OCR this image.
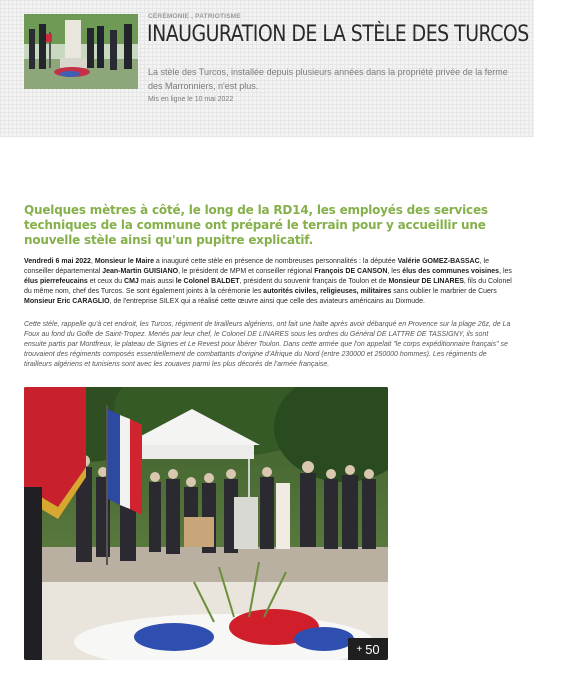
CÉRÉMONIE , PATRIOTISME
INAUGURATION DE LA STÈLE DES TURCOS
La stèle des Turcos, installée depuis plusieurs années dans la propriété privée de la ferme des Marronniers, n'est plus.
Mis en ligne le 10 mai 2022
Quelques mètres à côté, le long de la RD14, les employés des services techniques de la commune ont préparé le terrain pour y accueillir une nouvelle stèle ainsi qu'un pupitre explicatif.
Vendredi 6 mai 2022, Monsieur le Maire a inauguré cette stèle en présence de nombreuses personnalités : la députée Valérie GOMEZ-BASSAC, le conseiller départemental Jean-Martin GUISIANO, le président de MPM et conseiller régional François DE CANSON, les élus des communes voisines, les élus pierrefeucains et ceux du CMJ mais aussi le Colonel BALDET, président du souvenir français de Toulon et de Monsieur DE LINARES, fils du Colonel du même nom, chef des Turcos. Se sont également joints à la cérémonie les autorités civiles, religieuses, militaires sans oublier le marbrier de Cuers Monsieur Eric CARAGLIO, de l'entreprise SILEX qui a réalisé cette œuvre ainsi que celle des aviateurs américains au Dixmude.
Cette stèle, rappelle qu'à cet endroit, les Turcos, régiment de tirailleurs algériens, ont fait une halte après avoir débarqué en Provence sur la plage 26z, de La Foux au fond du Golfe de Saint-Tropez. Menés par leur chef, le Colonel DE LINARES sous les ordres du Général DE LATTRE DE TASSIGNY, ils sont ensuite partis par Montfreux, le plateau de Signes et Le Revest pour libérer Toulon. Dans cette armée que l'on appelait "le corps expéditionnaire français" se trouvaient des régiments composés essentiellement de combattants d'origine d'Afrique du Nord (entre 230000 et 250000 hommes). Les régiments de tirailleurs algériens et tunisiens sont avec les zouaves parmi les plus décorés de l'armée française.
+ 50
